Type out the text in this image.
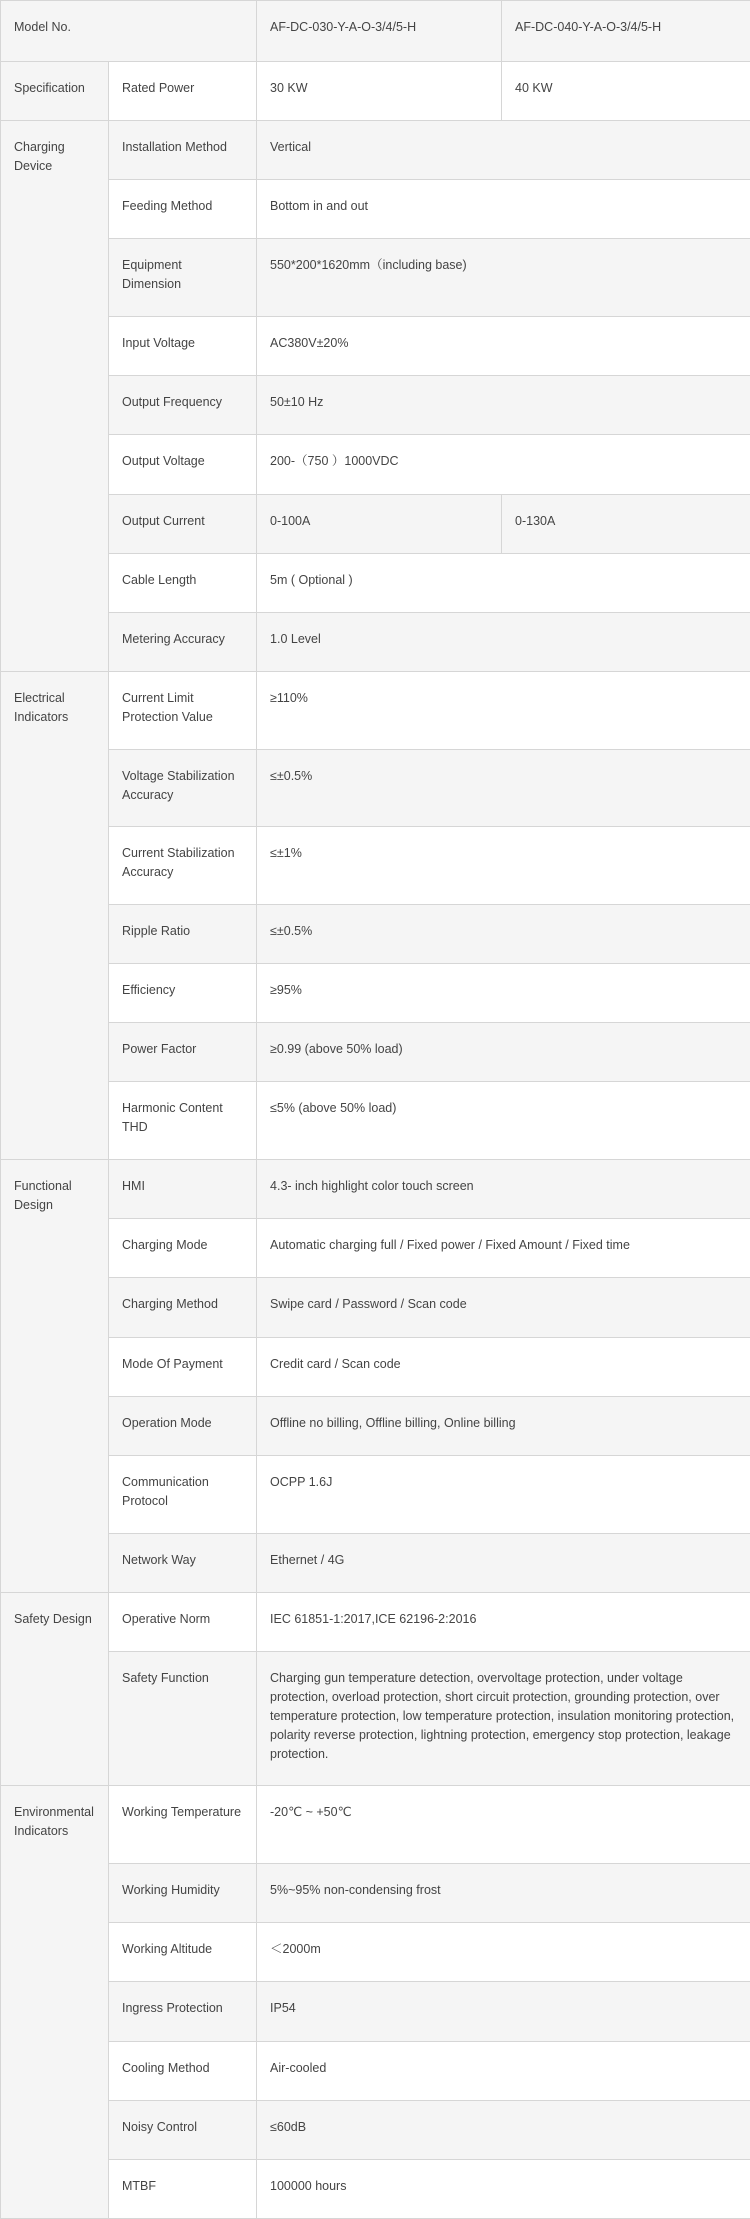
Model No.		AF-DC-030-Y-A-O-3/4/5-H	AF-DC-040-Y-A-O-3/4/5-H
Specification	Rated Power	30 KW	40 KW
Charging Device	Installation Method	Vertical	
	Feeding Method	Bottom in and out	
	Equipment Dimension	550*200*1620mm（including base)	
	Input Voltage	AC380V±20%	
	Output Frequency	50±10 Hz	
	Output Voltage	200-（750 ）1000VDC	
	Output Current	0-100A	0-130A
	Cable Length	5m ( Optional )	
	Metering Accuracy	1.0 Level	
Electrical Indicators	Current Limit Protection Value	≥110%	
	Voltage Stabilization Accuracy	≤±0.5%	
	Current Stabilization Accuracy	≤±1%	
	Ripple Ratio	≤±0.5%	
	Efficiency	≥95%	
	Power Factor	≥0.99 (above 50% load)	
	Harmonic Content THD	≤5% (above 50% load)	
Functional Design	HMI	4.3- inch highlight color touch screen	
	Charging Mode	Automatic charging full / Fixed power / Fixed Amount / Fixed time	
	Charging Method	Swipe card / Password / Scan code	
	Mode Of Payment	Credit card / Scan code	
	Operation Mode	Offline no billing, Offline billing, Online billing	
	Communication Protocol	OCPP 1.6J	
	Network Way	Ethernet / 4G	
Safety Design	Operative Norm	IEC 61851-1:2017,ICE 62196-2:2016	
	Safety Function	Charging gun temperature detection, overvoltage protection, under voltage protection, overload protection, short circuit protection, grounding protection, over temperature protection, low temperature protection, insulation monitoring protection, polarity reverse protection, lightning protection, emergency stop protection, leakage protection.	
Environmental Indicators	Working Temperature	-20℃ ~ +50℃	
	Working Humidity	5%~95% non-condensing frost	
	Working Altitude	＜2000m	
	Ingress Protection	IP54	
	Cooling Method	Air-cooled	
	Noisy Control	≤60dB	
	MTBF	100000 hours	
